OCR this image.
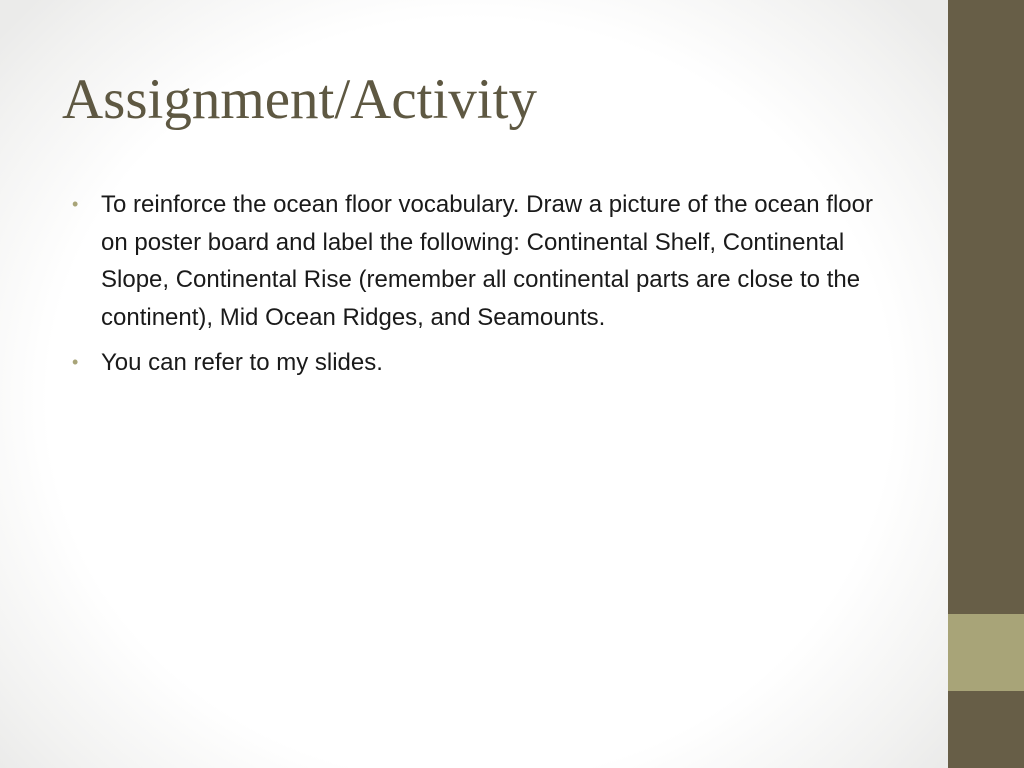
Assignment/Activity
• To reinforce the ocean floor vocabulary. Draw a picture of the ocean floor on poster board and label the following: Continental Shelf, Continental Slope, Continental Rise (remember all continental parts are close to the continent), Mid Ocean Ridges, and Seamounts.
• You can refer to my slides.
